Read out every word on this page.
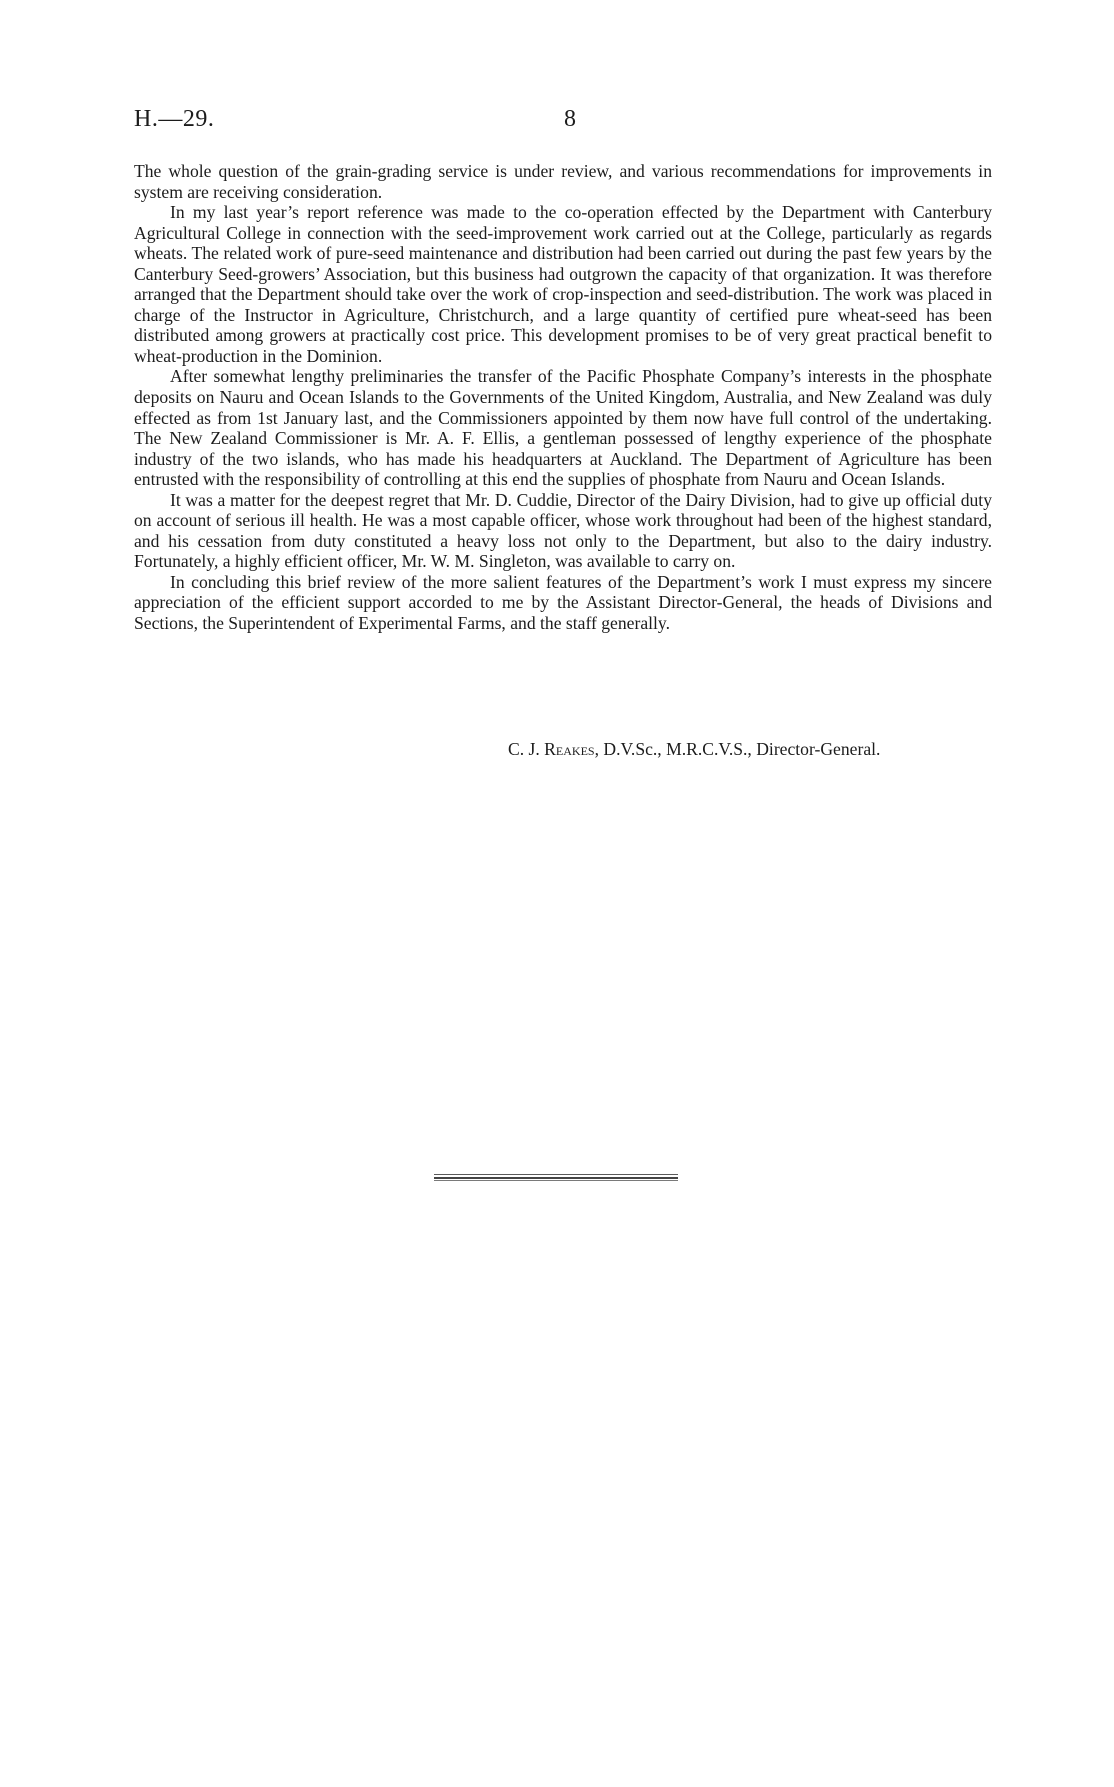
H.—29.	8

The whole question of the grain-grading service is under review, and various recommendations for improvements in system are receiving consideration.

In my last year’s report reference was made to the co-operation effected by the Department with Canterbury Agricultural College in connection with the seed-improvement work carried out at the College, particularly as regards wheats. The related work of pure-seed maintenance and distribution had been carried out during the past few years by the Canterbury Seed-growers’ Association, but this business had outgrown the capacity of that organization. It was therefore arranged that the Department should take over the work of crop-inspection and seed-distribution. The work was placed in charge of the Instructor in Agriculture, Christchurch, and a large quantity of certified pure wheat-seed has been distributed among growers at practically cost price. This development promises to be of very great practical benefit to wheat-production in the Dominion.

After somewhat lengthy preliminaries the transfer of the Pacific Phosphate Company’s interests in the phosphate deposits on Nauru and Ocean Islands to the Governments of the United Kingdom, Australia, and New Zealand was duly effected as from 1st January last, and the Commissioners appointed by them now have full control of the undertaking. The New Zealand Commissioner is Mr. A. F. Ellis, a gentleman possessed of lengthy experience of the phosphate industry of the two islands, who has made his headquarters at Auckland. The Department of Agriculture has been entrusted with the responsibility of controlling at this end the supplies of phosphate from Nauru and Ocean Islands.

It was a matter for the deepest regret that Mr. D. Cuddie, Director of the Dairy Division, had to give up official duty on account of serious ill health. He was a most capable officer, whose work throughout had been of the highest standard, and his cessation from duty constituted a heavy loss not only to the Department, but also to the dairy industry. Fortunately, a highly efficient officer, Mr. W. M. Singleton, was available to carry on.

In concluding this brief review of the more salient features of the Department’s work I must express my sincere appreciation of the efficient support accorded to me by the Assistant Director-General, the heads of Divisions and Sections, the Superintendent of Experimental Farms, and the staff generally.

C. J. Reakes, D.V.Sc., M.R.C.V.S., Director-General.
